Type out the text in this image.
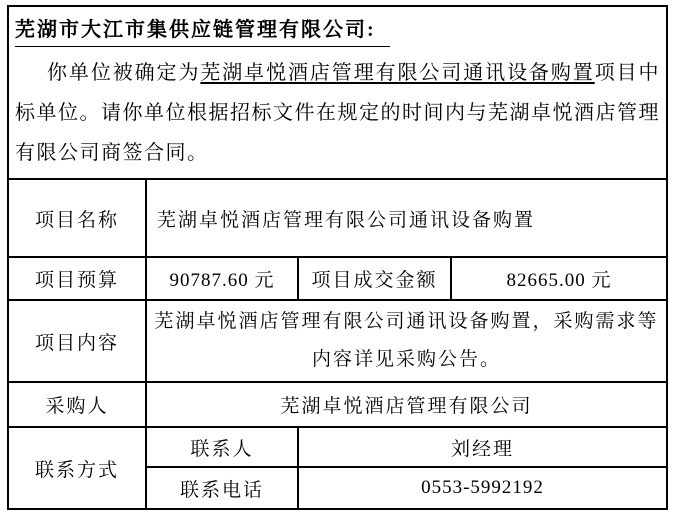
芜湖市大江市集供应链管理有限公司:
你单位被确定为芜湖卓悦酒店管理有限公司通讯设备购置项目中标单位。请你单位根据招标文件在规定的时间内与芜湖卓悦酒店管理有限公司商签合同。			

项目名称	芜湖卓悦酒店管理有限公司通讯设备购置		
项目预算	90787.60 元	项目成交金额	82665.00 元
项目内容	芜湖卓悦酒店管理有限公司通讯设备购置，采购需求等
内容详见采购公告。		

采购人	芜湖卓悦酒店管理有限公司		
联系方式	联系人	刘经理	
	联系电话	0553-5992192	
